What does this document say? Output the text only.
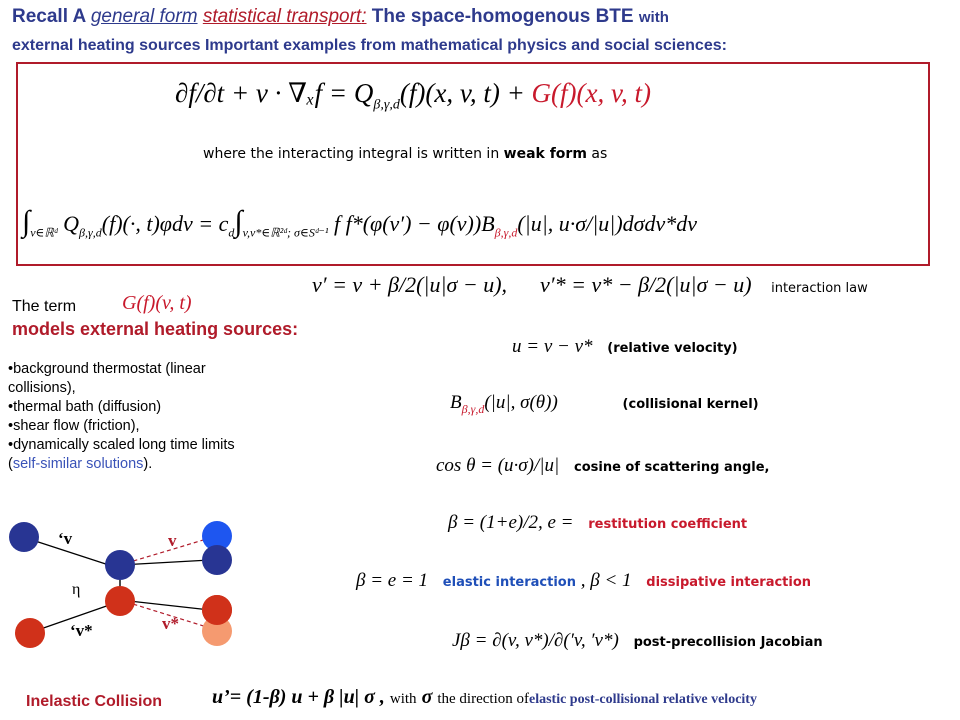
Recall A general form statistical transport: The space-homogenous BTE with
external heating sources Important examples from mathematical physics and social sciences:
$\partial f/\partial t + v \cdot \nabla_xf = Q_{\beta,\gamma,d}(f)(x$, v, t) + G(f)(x, v, t)
where the interacting integral is written in weak form as
$\int_{v\in ℝᵈ}$ $Q_{\beta,\gamma,d}(f)(\cdot$, $t)\varphi dv = c_d\int_{v,v*\in ℝ^2ᵈ; \sigma\in Sᵈ^{-1}}$ f $f*(\varphi(v') - \varphi(v))B_{\beta,\gamma,d}(|u|$, u·σ/|u|)dσdv*dv
v′ = v + β/2(|u|σ − u), v′* = v* − β/2(|u|σ − u) interaction law
The term G(f)(v, t)
models external heating sources:
•background thermostat (linear collisions),
•thermal bath (diffusion)
•shear flow (friction),
•dynamically scaled long time limits (self-similar solutions).
u = v − v* (relative velocity)
$B_{\beta,\gamma,d}(|u|$, σ(θ))	(collisional kernel)
cos θ = (u·σ)/|u| cosine of scattering angle,
β = (1+e)/2, e = restitution coefficient
β = e = 1 elastic interaction , β < 1 dissipative interaction
Jβ = ∂(v, v*)/∂(′v, ′v*) post-precollision Jacobian
‘v	v
η
‘v*	v*
Inelastic Collision u’= (1-β) u + β |u| σ , with σ the direction ofelastic post-collisional relative velocity
